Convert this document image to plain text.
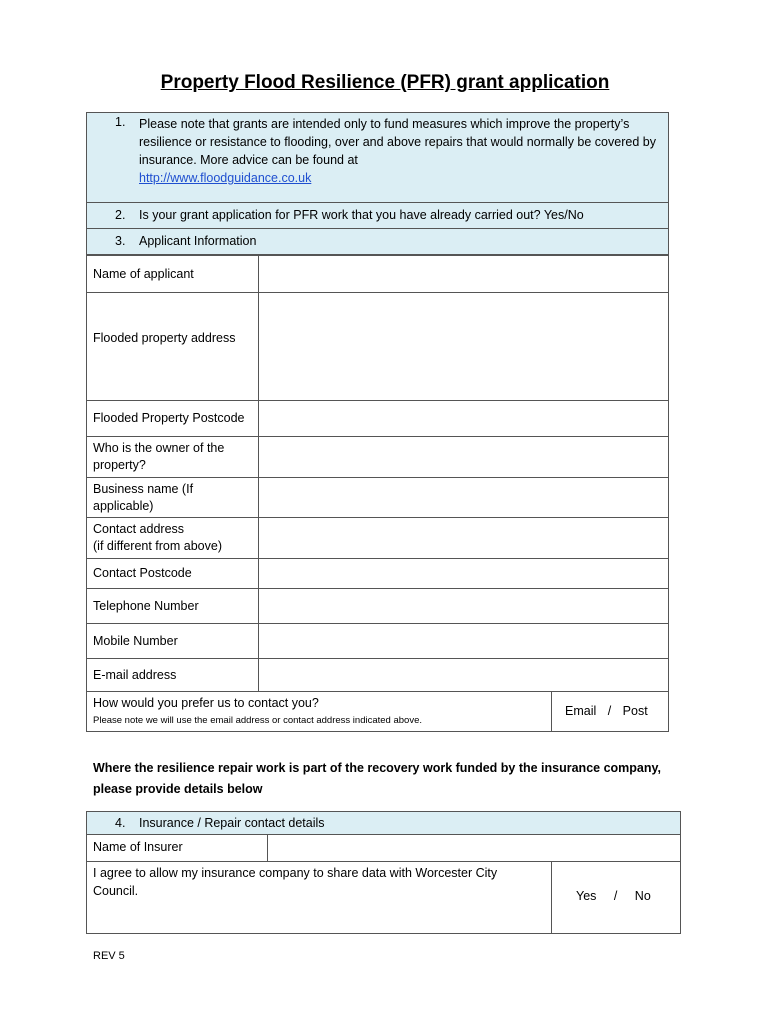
Property Flood Resilience (PFR) grant application
1. Please note that grants are intended only to fund measures which improve the property’s resilience or resistance to flooding, over and above repairs that would normally be covered by insurance. More advice can be found at
http://www.floodguidance.co.uk
2. Is your grant application for PFR work that you have already carried out? Yes/No
3. Applicant Information
Name of applicant	
Flooded property address	
Flooded Property Postcode	
Who is the owner of the property?	
Business name (If applicable)	
Contact address
(if different from above)	
Contact Postcode	
Telephone Number	
Mobile Number	
E-mail address	
How would you prefer us to contact you?
Please note we will use the email address or contact address indicated above.
Email / Post
Where the resilience repair work is part of the recovery work funded by the insurance company, please provide details below
4. Insurance / Repair contact details
Name of Insurer
I agree to allow my insurance company to share data with Worcester City Council.	Yes / No
REV 5
